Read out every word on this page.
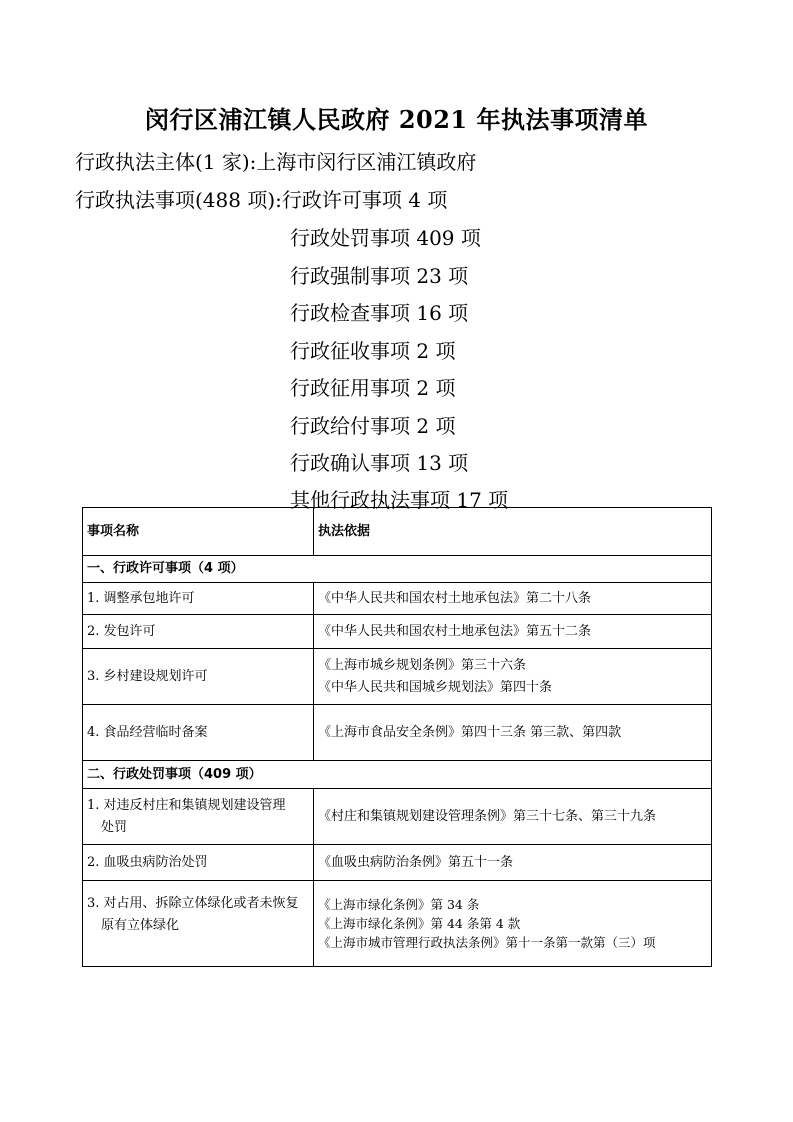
闵行区浦江镇人民政府 2021 年执法事项清单
行政执法主体(1 家):上海市闵行区浦江镇政府
行政执法事项(488 项):行政许可事项 4 项
行政处罚事项 409 项
行政强制事项 23 项
行政检查事项 16 项
行政征收事项 2 项
行政征用事项 2 项
行政给付事项 2 项
行政确认事项 13 项
其他行政执法事项 17 项
事项名称	执法依据
一、行政许可事项（4 项）	
1. 调整承包地许可	《中华人民共和国农村土地承包法》第二十八条
2. 发包许可	《中华人民共和国农村土地承包法》第五十二条
3. 乡村建设规划许可	《上海市城乡规划条例》第三十六条
《中华人民共和国城乡规划法》第四十条

4. 食品经营临时备案	《上海市食品安全条例》第四十三条 第三款、第四款
二、行政处罚事项（409 项）	

1. 对违反村庄和集镇规划建设管理
处罚	《村庄和集镇规划建设管理条例》第三十七条、第三十九条
2. 血吸虫病防治处罚	《血吸虫病防治条例》第五十一条

3. 对占用、拆除立体绿化或者未恢复
原有立体绿化	《上海市绿化条例》第 34 条
《上海市绿化条例》第 44 条第 4 款
《上海市城市管理行政执法条例》第十一条第一款第（三）项
